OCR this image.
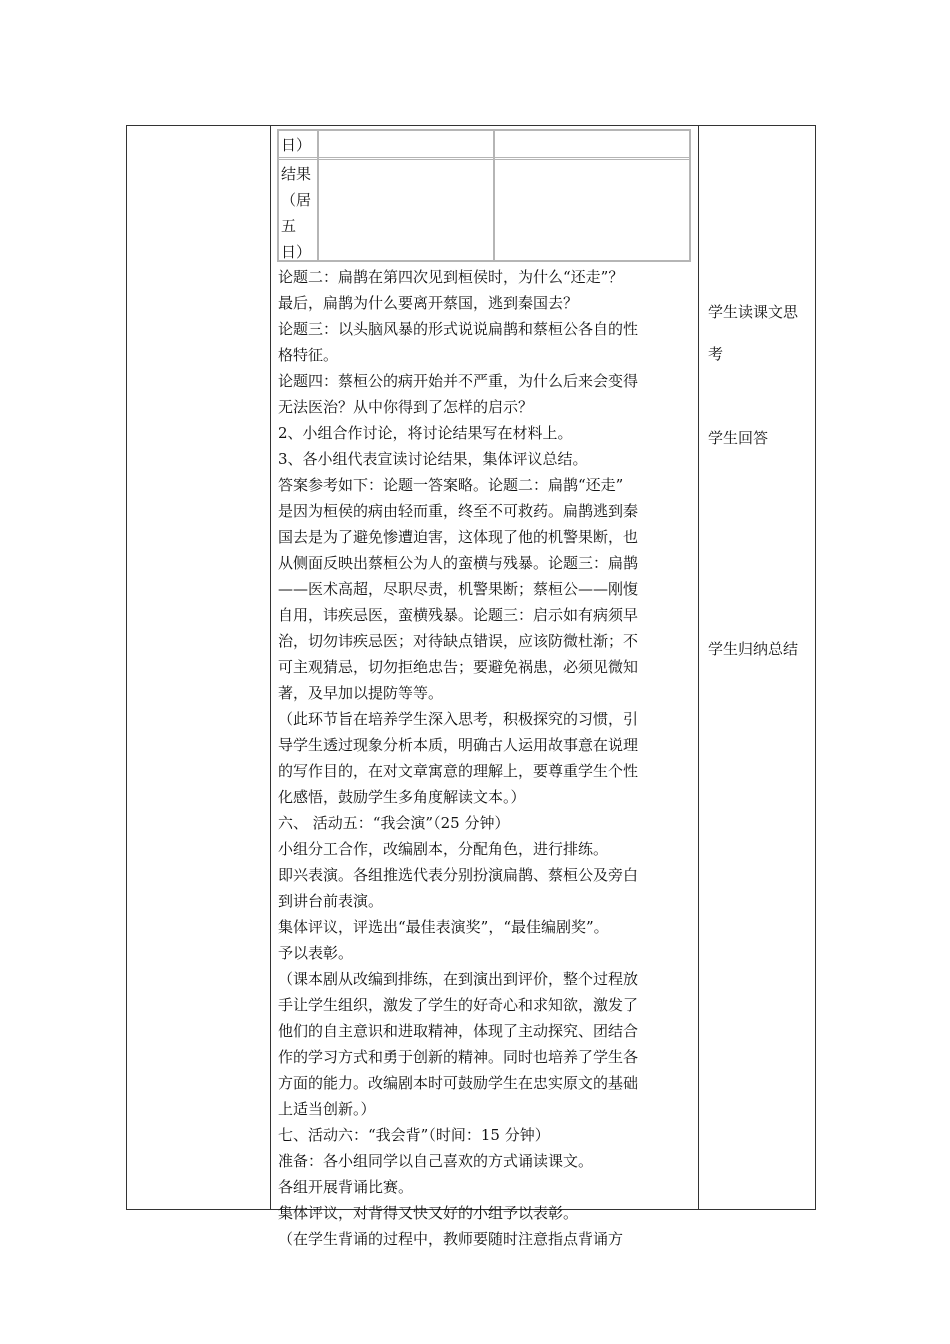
日）
结果
（居
五
日）

论题二：扁鹊在第四次见到桓侯时，为什么“还走”？

最后，扁鹊为什么要离开蔡国，逃到秦国去？

论题三：以头脑风暴的形式说说扁鹊和蔡桓公各自的性

格特征。

论题四：蔡桓公的病开始并不严重，为什么后来会变得

无法医治？从中你得到了怎样的启示？

2、小组合作讨论，将讨论结果写在材料上。

3、各小组代表宣读讨论结果，集体评议总结。

答案参考如下：论题一答案略。论题二：扁鹊“还走”

是因为桓侯的病由轻而重，终至不可救药。扁鹊逃到秦

国去是为了避免惨遭迫害，这体现了他的机警果断，也

从侧面反映出蔡桓公为人的蛮横与残暴。论题三：扁鹊

——医术高超，尽职尽责，机警果断；蔡桓公——刚愎

自用，讳疾忌医，蛮横残暴。论题三：启示如有病须早

治，切勿讳疾忌医；对待缺点错误，应该防微杜渐；不

可主观猜忌，切勿拒绝忠告；要避免祸患，必须见微知

著，及早加以提防等等。

（此环节旨在培养学生深入思考，积极探究的习惯，引

导学生透过现象分析本质，明确古人运用故事意在说理

的写作目的，在对文章寓意的理解上，要尊重学生个性

化感悟，鼓励学生多角度解读文本。）

六、 活动五：“我会演”（25 分钟）

小组分工合作，改编剧本，分配角色，进行排练。

即兴表演。各组推选代表分别扮演扁鹊、蔡桓公及旁白

到讲台前表演。

集体评议，评选出“最佳表演奖”，“最佳编剧奖”。

予以表彰。

（课本剧从改编到排练，在到演出到评价，整个过程放

手让学生组织，激发了学生的好奇心和求知欲，激发了

他们的自主意识和进取精神，体现了主动探究、团结合

作的学习方式和勇于创新的精神。同时也培养了学生各

方面的能力。改编剧本时可鼓励学生在忠实原文的基础

上适当创新。）

七、活动六：“我会背”（时间：15 分钟）

准备：各小组同学以自己喜欢的方式诵读课文。

各组开展背诵比赛。

集体评议，对背得又快又好的小组予以表彰。

（在学生背诵的过程中，教师要随时注意指点背诵方

学生读课文思
考
学生回答
学生归纳总结
